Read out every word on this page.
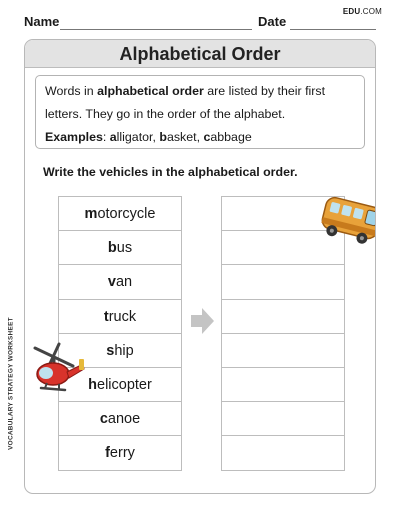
EDU.COM
Name	Date
Alphabetical Order
Words in alphabetical order are listed by their first
letters. They go in the order of the alphabet.
Examples: alligator, basket, cabbage
Write the vehicles in the alphabetical order.
motorcycle
bus
van
truck
ship
helicopter
canoe
ferry
VOCABULARY STRATEGY WORKSHEET
